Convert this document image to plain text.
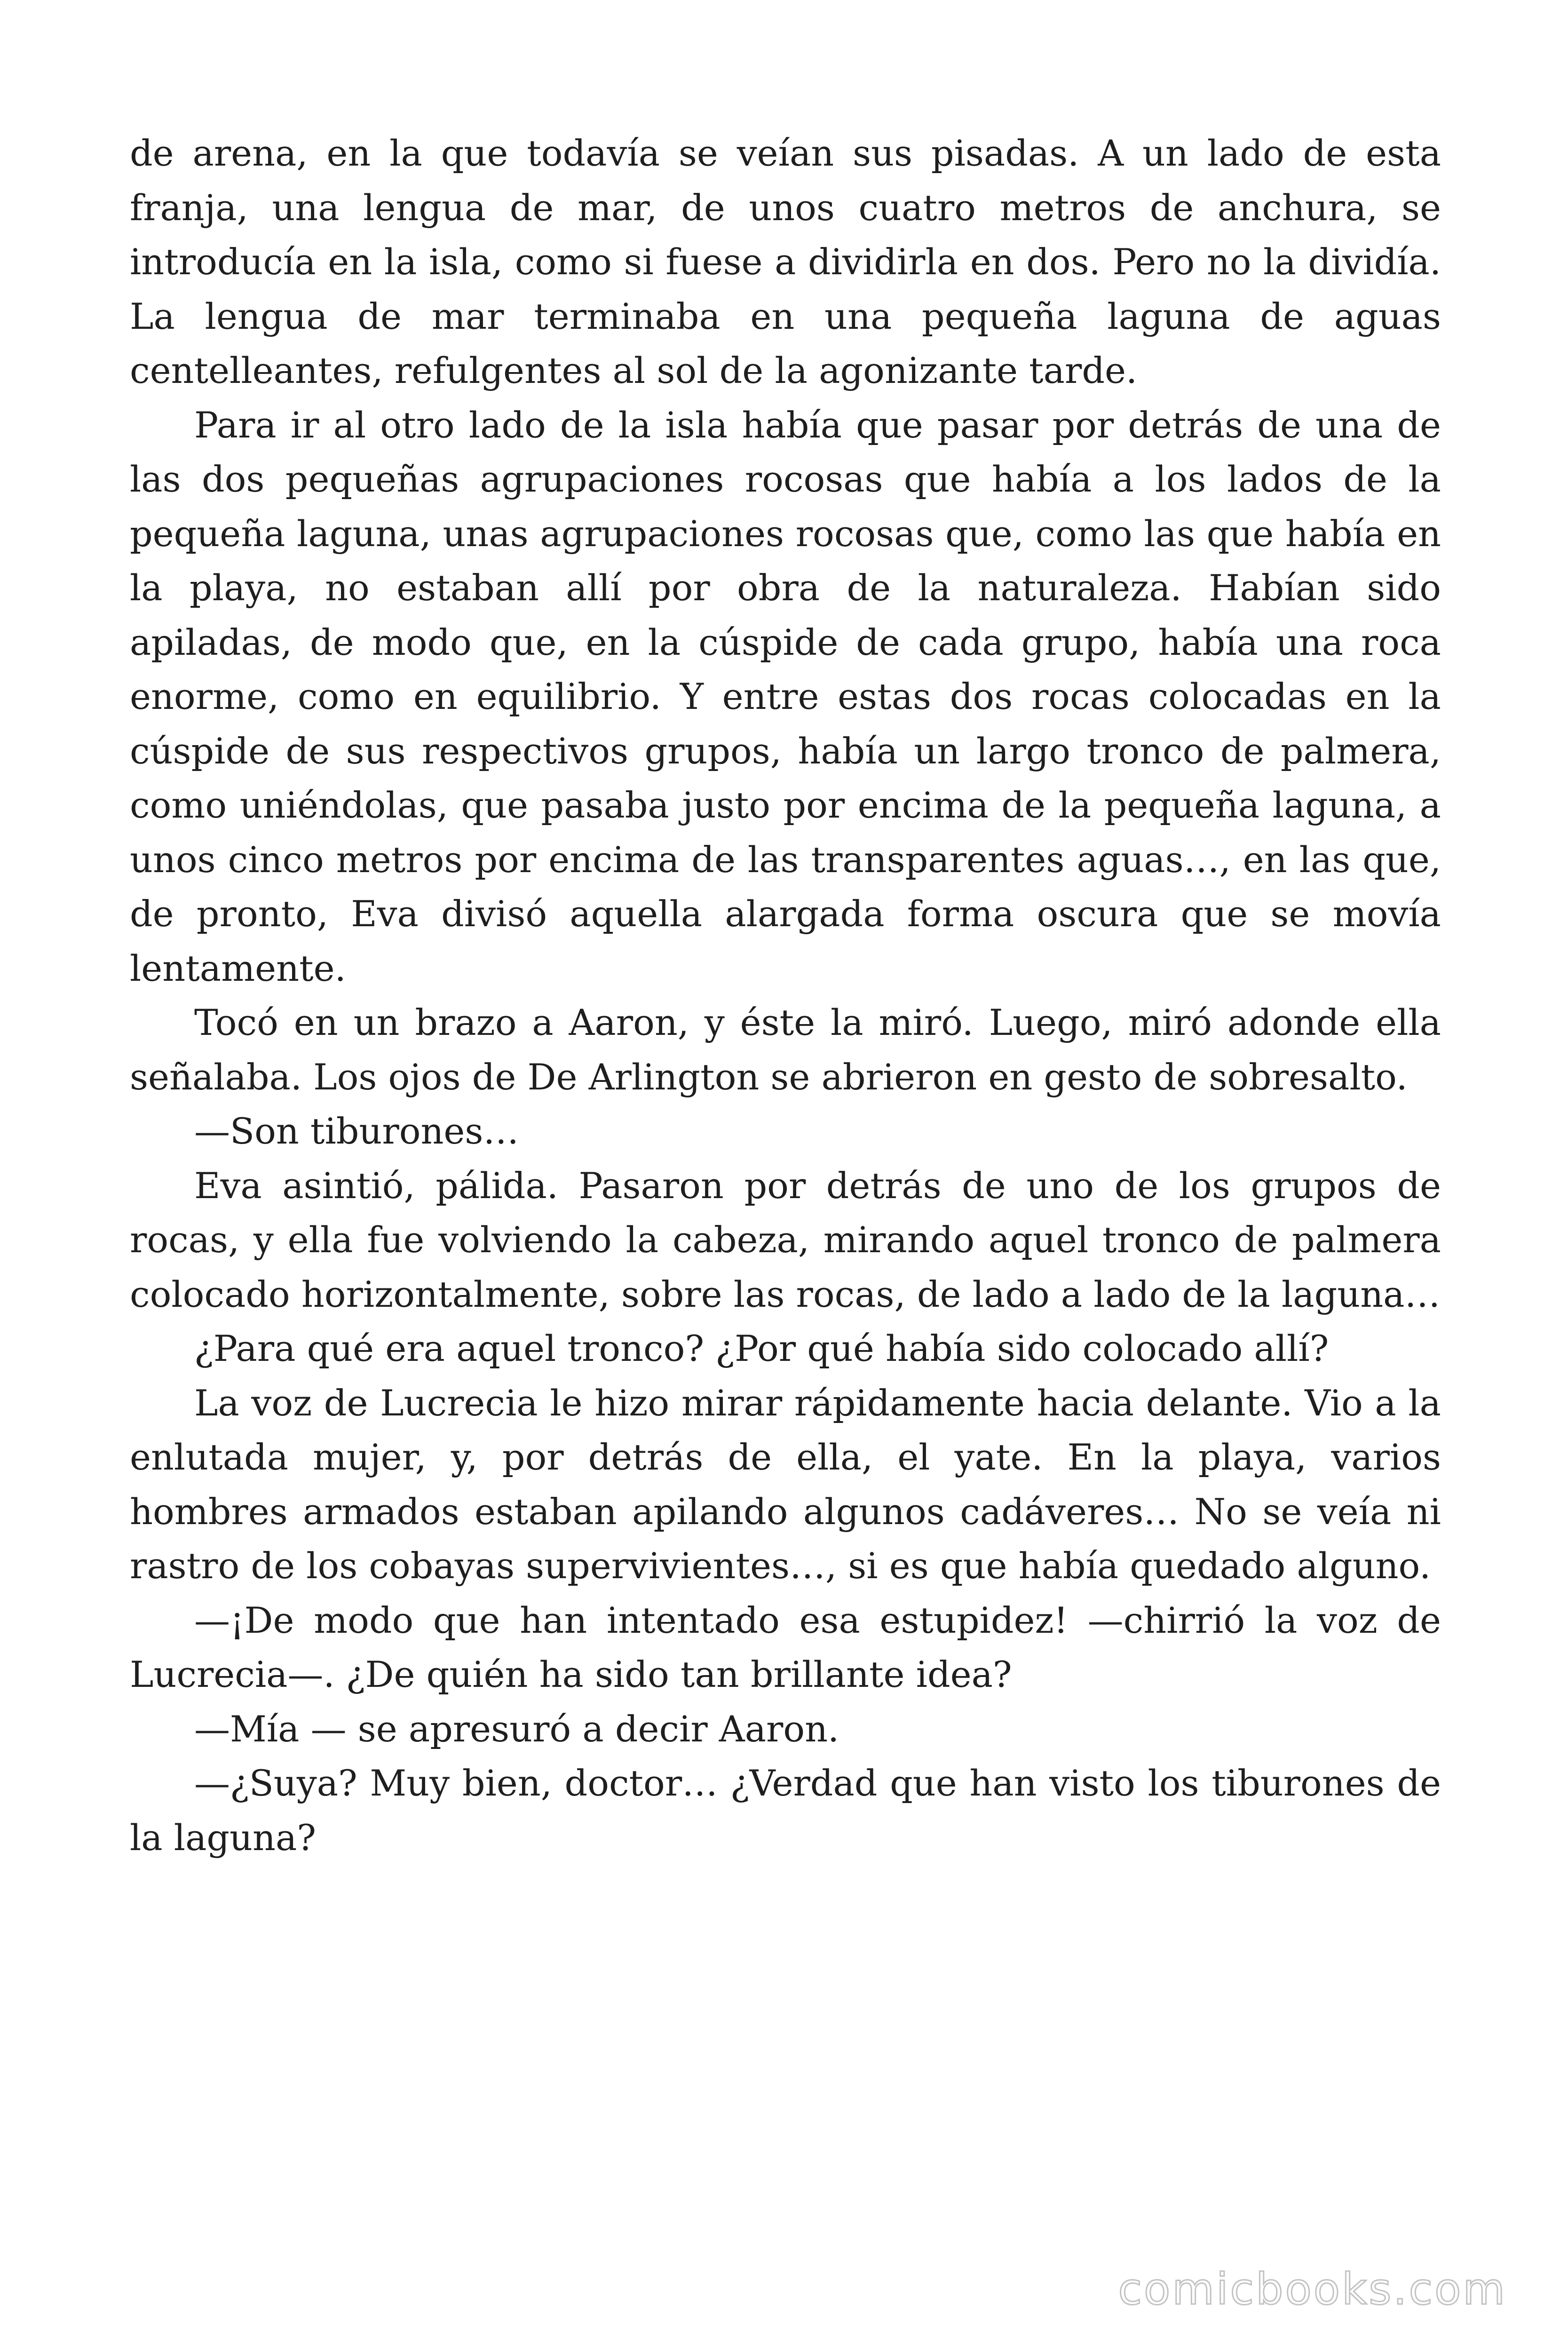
de arena, en la que todavía se veían sus pisadas. A un lado de esta franja, una lengua de mar, de unos cuatro metros de anchura, se introducía en la isla, como si fuese a dividirla en dos. Pero no la dividía. La lengua de mar terminaba en una pequeña laguna de aguas centelleantes, refulgentes al sol de la agonizante tarde.

Para ir al otro lado de la isla había que pasar por detrás de una de las dos pequeñas agrupaciones rocosas que había a los lados de la pequeña laguna, unas agrupaciones rocosas que, como las que había en la playa, no estaban allí por obra de la naturaleza. Habían sido apiladas, de modo que, en la cúspide de cada grupo, había una roca enorme, como en equilibrio. Y entre estas dos rocas colocadas en la cúspide de sus respectivos grupos, había un largo tronco de palmera, como uniéndolas, que pasaba justo por encima de la pequeña laguna, a unos cinco metros por encima de las transparentes aguas…, en las que, de pronto, Eva divisó aquella alargada forma oscura que se movía lentamente.

Tocó en un brazo a Aaron, y éste la miró. Luego, miró adonde ella señalaba. Los ojos de De Arlington se abrieron en gesto de sobresalto.

—Son tiburones…

Eva asintió, pálida. Pasaron por detrás de uno de los grupos de rocas, y ella fue volviendo la cabeza, mirando aquel tronco de palmera colocado horizontalmente, sobre las rocas, de lado a lado de la laguna…

¿Para qué era aquel tronco? ¿Por qué había sido colocado allí?

La voz de Lucrecia le hizo mirar rápidamente hacia delante. Vio a la enlutada mujer, y, por detrás de ella, el yate. En la playa, varios hombres armados estaban apilando algunos cadáveres… No se veía ni rastro de los cobayas supervivientes…, si es que había quedado alguno.

—¡De modo que han intentado esa estupidez! —chirrió la voz de Lucrecia—. ¿De quién ha sido tan brillante idea?

—Mía — se apresuró a decir Aaron.

—¿Suya? Muy bien, doctor… ¿Verdad que han visto los tiburones de la laguna?

comicbooks.com
